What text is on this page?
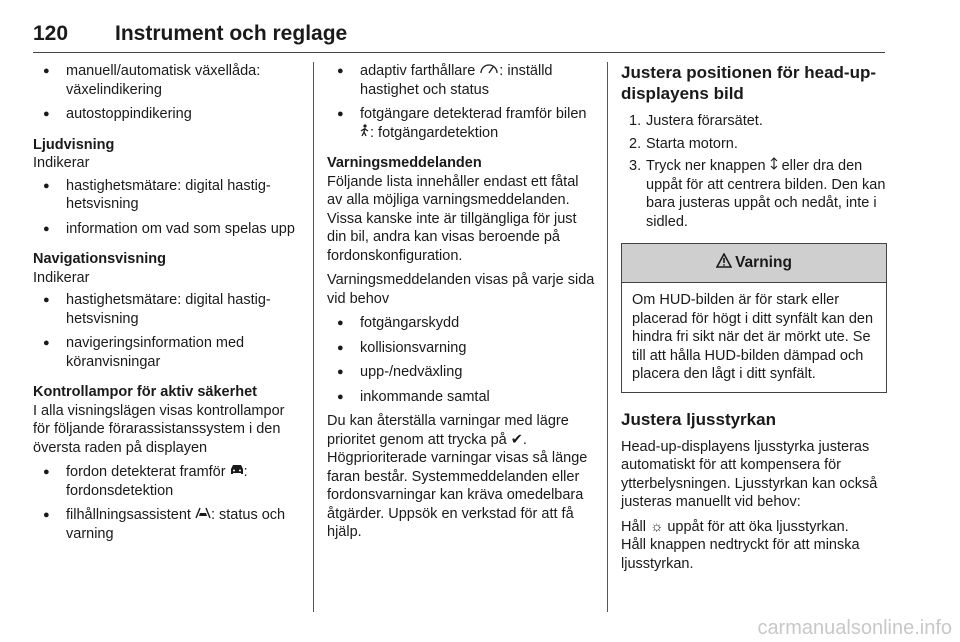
120 Instrument och reglage
● manuell/automatisk växellåda: växelindikering
● autostoppindikering

Ljudvisning

Indikerar

● hastighetsmätare: digital hastighetsvisning
● information om vad som spelas upp

Navigationsvisning

Indikerar

● hastighetsmätare: digital hastighetsvisning
● navigeringsinformation med köranvisningar

Kontrollampor för aktiv säkerhet

I alla visningslägen visas kontrollampor för följande förarassistanssystem i den översta raden på displayen

● fordon detekterat framför : fordonsdetektion
● filhållningsassistent : status och varning
● adaptiv farthållare : inställd hastighet och status
● fotgängare detekterad framför bilen : fotgängardetektion

Varningsmeddelanden

Följande lista innehåller endast ett fåtal av alla möjliga varningsmeddelanden. Vissa kanske inte är tillgängliga för just din bil, andra kan visas beroende på fordonskonfiguration.

Varningsmeddelanden visas på varje sida vid behov

● fotgängarskydd
● kollisionsvarning
● upp-/nedväxling
● inkommande samtal

Du kan återställa varningar med lägre prioritet genom att trycka på ✔.
Högprioriterade varningar visas så länge faran består. Systemmeddelanden eller fordonsvarningar kan kräva omedelbara åtgärder. Uppsök en verkstad för att få hjälp.

Justera positionen för head-up-displayens bild

1. Justera förarsätet.
2. Starta motorn.
3. Tryck ner knappen  eller dra den uppåt för att centrera bilden. Den kan bara justeras uppåt och nedåt, inte i sidled.
Varning
Om HUD-bilden är för stark eller placerad för högt i ditt synfält kan den hindra fri sikt när det är mörkt ute. Se till att hålla HUD-bilden dämpad och placera den lågt i ditt synfält.

Justera ljusstyrkan

Head-up-displayens ljusstyrka justeras automatiskt för att kompensera för ytterbelysningen. Ljusstyrkan kan också justeras manuellt vid behov:

Håll ☼ uppåt för att öka ljusstyrkan.
Håll knappen nedtryckt för att minska ljusstyrkan.

carmanualsonline.info
